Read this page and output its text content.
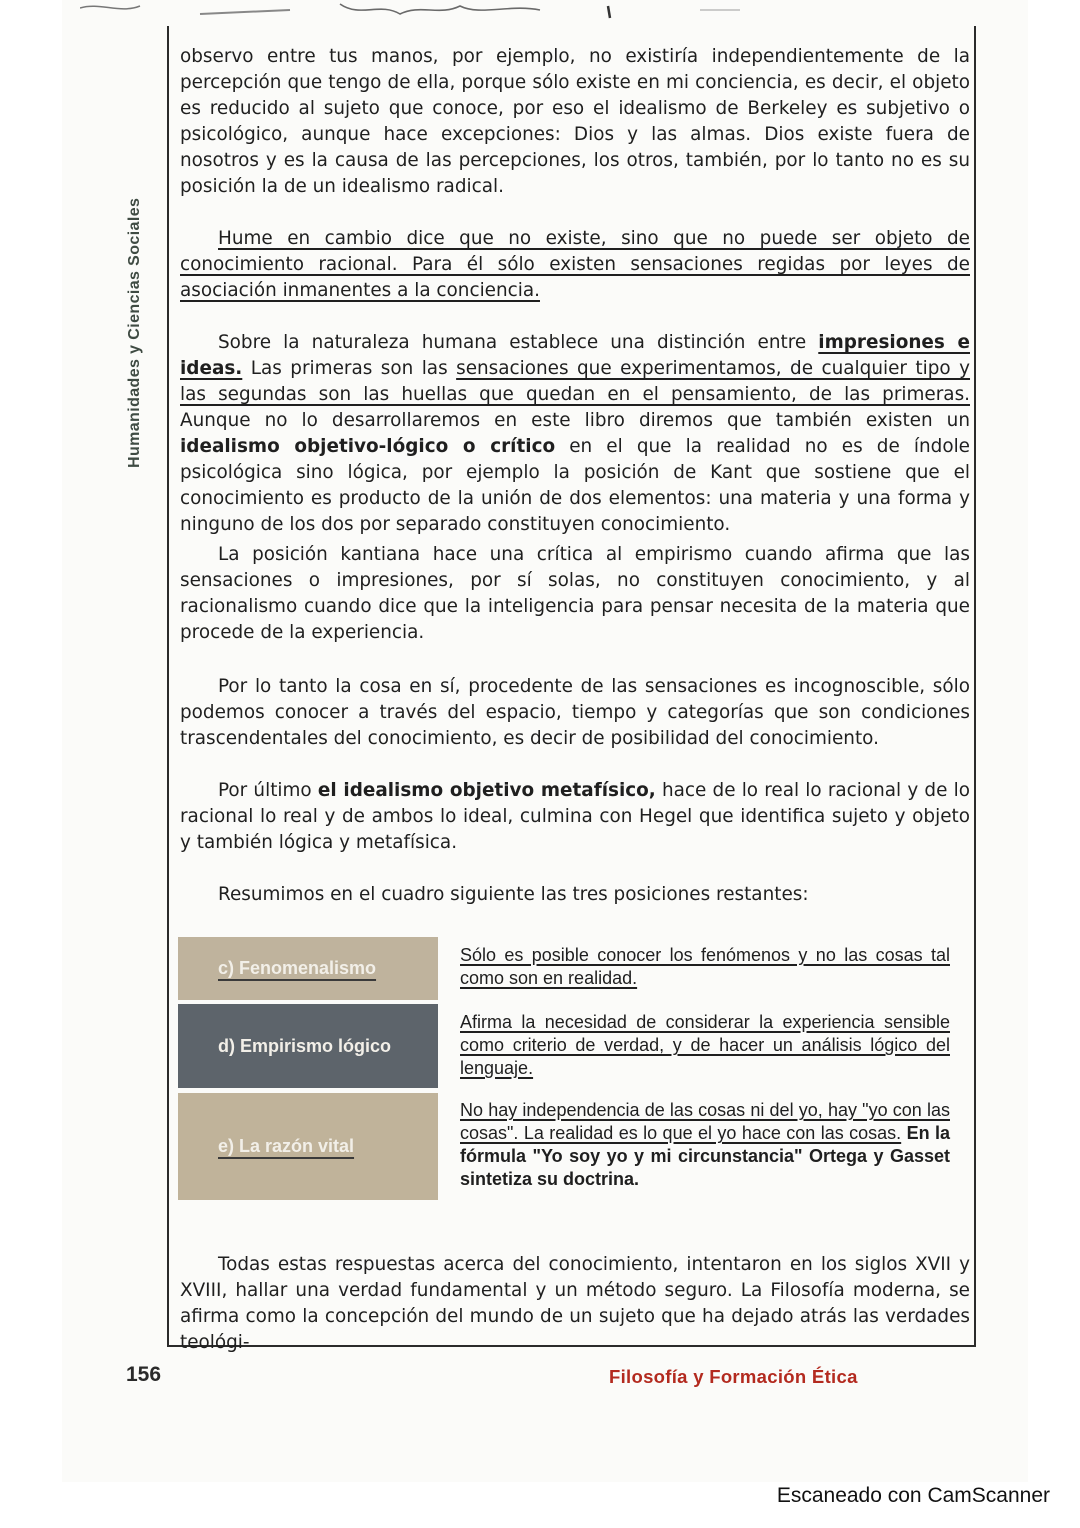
Humanidades y Ciencias Sociales

observo entre tus manos, por ejemplo, no existiría independientemente de la percepción que tengo de ella, porque sólo existe en mi conciencia, es decir, el objeto es reducido al sujeto que conoce, por eso el idealismo de Berkeley es subjetivo o psicológico, aunque hace excepciones: Dios y las almas. Dios existe fuera de nosotros y es la causa de las percepciones, los otros, también, por lo tanto no es su posición la de un idealismo radical.

Hume en cambio dice que no existe, sino que no puede ser objeto de conocimiento racional. Para él sólo existen sensaciones regidas por leyes de asociación inmanentes a la conciencia.

Sobre la naturaleza humana establece una distinción entre impresiones e ideas. Las primeras son las sensaciones que experimentamos, de cualquier tipo y las segundas son las huellas que quedan en el pensamiento, de las primeras. Aunque no lo desarrollaremos en este libro diremos que también existen un idealismo objetivo-lógico o crítico en el que la realidad no es de índole psicológica sino lógica, por ejemplo la posición de Kant que sostiene que el conocimiento es producto de la unión de dos elementos: una materia y una forma y ninguno de los dos por separado constituyen conocimiento.

La posición kantiana hace una crítica al empirismo cuando afirma que las sensaciones o impresiones, por sí solas, no constituyen conocimiento, y al racionalismo cuando dice que la inteligencia para pensar necesita de la materia que procede de la experiencia.

Por lo tanto la cosa en sí, procedente de las sensaciones es incognoscible, sólo podemos conocer a través del espacio, tiempo y categorías que son condiciones trascendentales del conocimiento, es decir de posibilidad del conocimiento.

Por último el idealismo objetivo metafísico, hace de lo real lo racional y de lo racional lo real y de ambos lo ideal, culmina con Hegel que identifica sujeto y objeto y también lógica y metafísica.

Resumimos en el cuadro siguiente las tres posiciones restantes:

c) Fenomenalismo
Sólo es posible conocer los fenómenos y no las cosas tal como son en realidad.
d) Empirismo lógico
Afirma la necesidad de considerar la experiencia sensible como criterio de verdad, y de hacer un análisis lógico del lenguaje.
e) La razón vital
No hay independencia de las cosas ni del yo, hay "yo con las cosas". La realidad es lo que el yo hace con las cosas. En la fórmula "Yo soy yo y mi circunstancia" Ortega y Gasset sintetiza su doctrina.

Todas estas respuestas acerca del conocimiento, intentaron en los siglos XVII y XVIII, hallar una verdad fundamental y un método seguro. La Filosofía moderna, se afirma como la concepción del mundo de un sujeto que ha dejado atrás las verdades teológi-

156	Filosofía y Formación Ética
Escaneado con CamScanner
